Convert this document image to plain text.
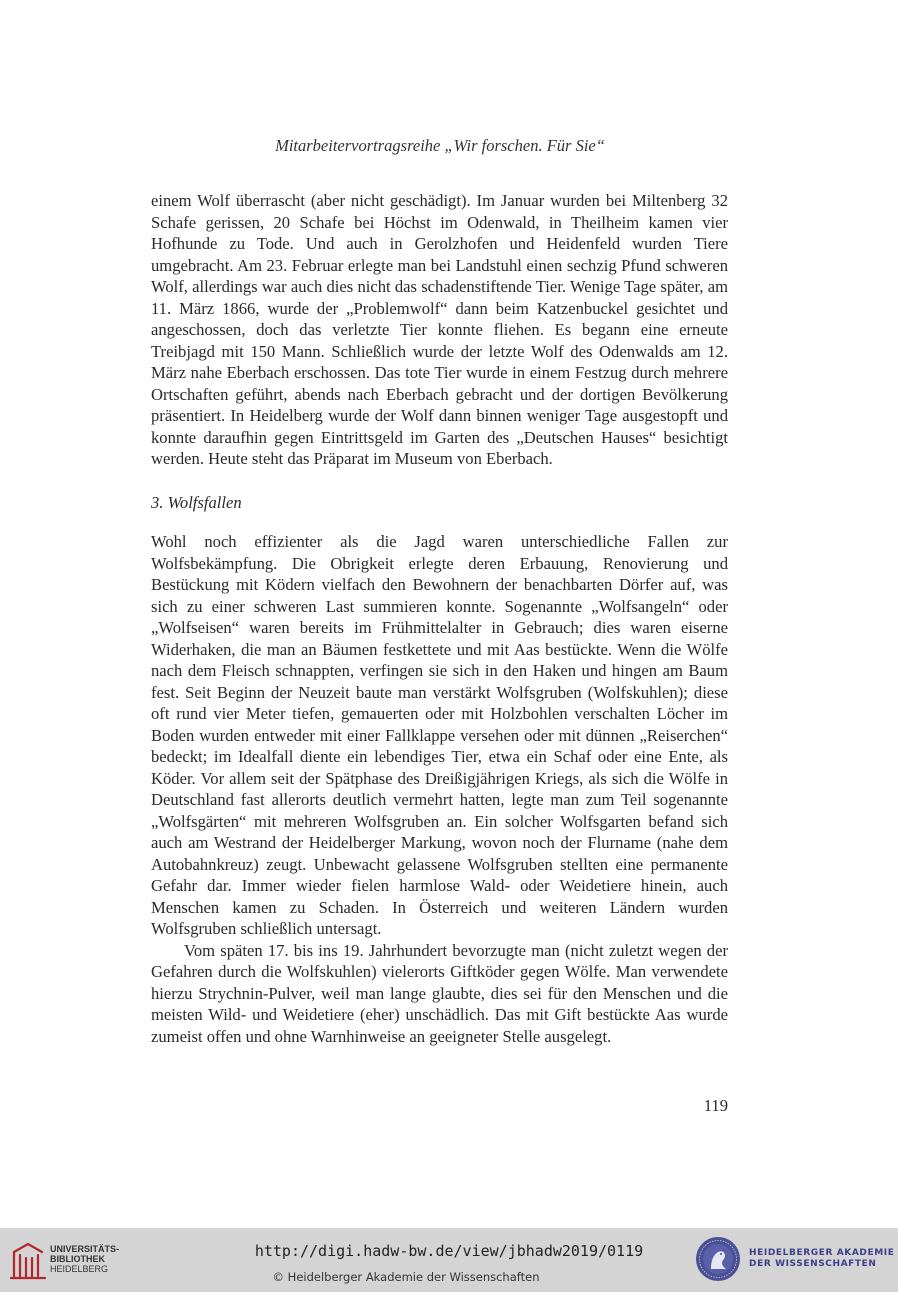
Mitarbeitervortragsreihe „Wir forschen. Für Sie“

einem Wolf überrascht (aber nicht geschädigt). Im Januar wurden bei Miltenberg 32 Schafe gerissen, 20 Schafe bei Höchst im Odenwald, in Theilheim kamen vier Hofhunde zu Tode. Und auch in Gerolzhofen und Heidenfeld wurden Tiere umgebracht. Am 23. Februar erlegte man bei Landstuhl einen sechzig Pfund schweren Wolf, allerdings war auch dies nicht das schadenstiftende Tier. Wenige Tage später, am 11. März 1866, wurde der „Problemwolf“ dann beim Katzenbuckel gesichtet und angeschossen, doch das verletzte Tier konnte fliehen. Es begann eine erneute Treibjagd mit 150 Mann. Schließlich wurde der letzte Wolf des Odenwalds am 12. März nahe Eberbach erschossen. Das tote Tier wurde in einem Festzug durch mehrere Ortschaften geführt, abends nach Eberbach gebracht und der dortigen Bevölkerung präsentiert. In Heidelberg wurde der Wolf dann binnen weniger Tage ausgestopft und konnte daraufhin gegen Eintrittsgeld im Garten des „Deutschen Hauses“ besichtigt werden. Heute steht das Präparat im Museum von Eberbach.

3. Wolfsfallen

Wohl noch effizienter als die Jagd waren unterschiedliche Fallen zur Wolfsbekämpfung. Die Obrigkeit erlegte deren Erbauung, Renovierung und Bestückung mit Ködern vielfach den Bewohnern der benachbarten Dörfer auf, was sich zu einer schweren Last summieren konnte. Sogenannte „Wolfsangeln“ oder „Wolfseisen“ waren bereits im Frühmittelalter in Gebrauch; dies waren eiserne Widerhaken, die man an Bäumen festkettete und mit Aas bestückte. Wenn die Wölfe nach dem Fleisch schnappten, verfingen sie sich in den Haken und hingen am Baum fest. Seit Beginn der Neuzeit baute man verstärkt Wolfsgruben (Wolfskuhlen); diese oft rund vier Meter tiefen, gemauerten oder mit Holzbohlen verschalten Löcher im Boden wurden entweder mit einer Fallklappe versehen oder mit dünnen „Reiserchen“ bedeckt; im Idealfall diente ein lebendiges Tier, etwa ein Schaf oder eine Ente, als Köder. Vor allem seit der Spätphase des Dreißigjährigen Kriegs, als sich die Wölfe in Deutschland fast allerorts deutlich vermehrt hatten, legte man zum Teil sogenannte „Wolfsgärten“ mit mehreren Wolfsgruben an. Ein solcher Wolfsgarten befand sich auch am Westrand der Heidelberger Markung, wovon noch der Flurname (nahe dem Autobahnkreuz) zeugt. Unbewacht gelassene Wolfsgruben stellten eine permanente Gefahr dar. Immer wieder fielen harmlose Wald- oder Weidetiere hinein, auch Menschen kamen zu Schaden. In Österreich und weiteren Ländern wurden Wolfsgruben schließlich untersagt.

Vom späten 17. bis ins 19. Jahrhundert bevorzugte man (nicht zuletzt wegen der Gefahren durch die Wolfskuhlen) vielerorts Giftköder gegen Wölfe. Man verwendete hierzu Strychnin-Pulver, weil man lange glaubte, dies sei für den Menschen und die meisten Wild- und Weidetiere (eher) unschädlich. Das mit Gift bestückte Aas wurde zumeist offen und ohne Warnhinweise an geeigneter Stelle ausgelegt.

119
UNIVERSITÄTS-
BIBLIOTHEK
HEIDELBERG
http://digi.hadw-bw.de/view/jbhadw2019/0119
© Heidelberger Akademie der Wissenschaften
HEIDELBERGER AKADEMIE
DER WISSENSCHAFTEN
